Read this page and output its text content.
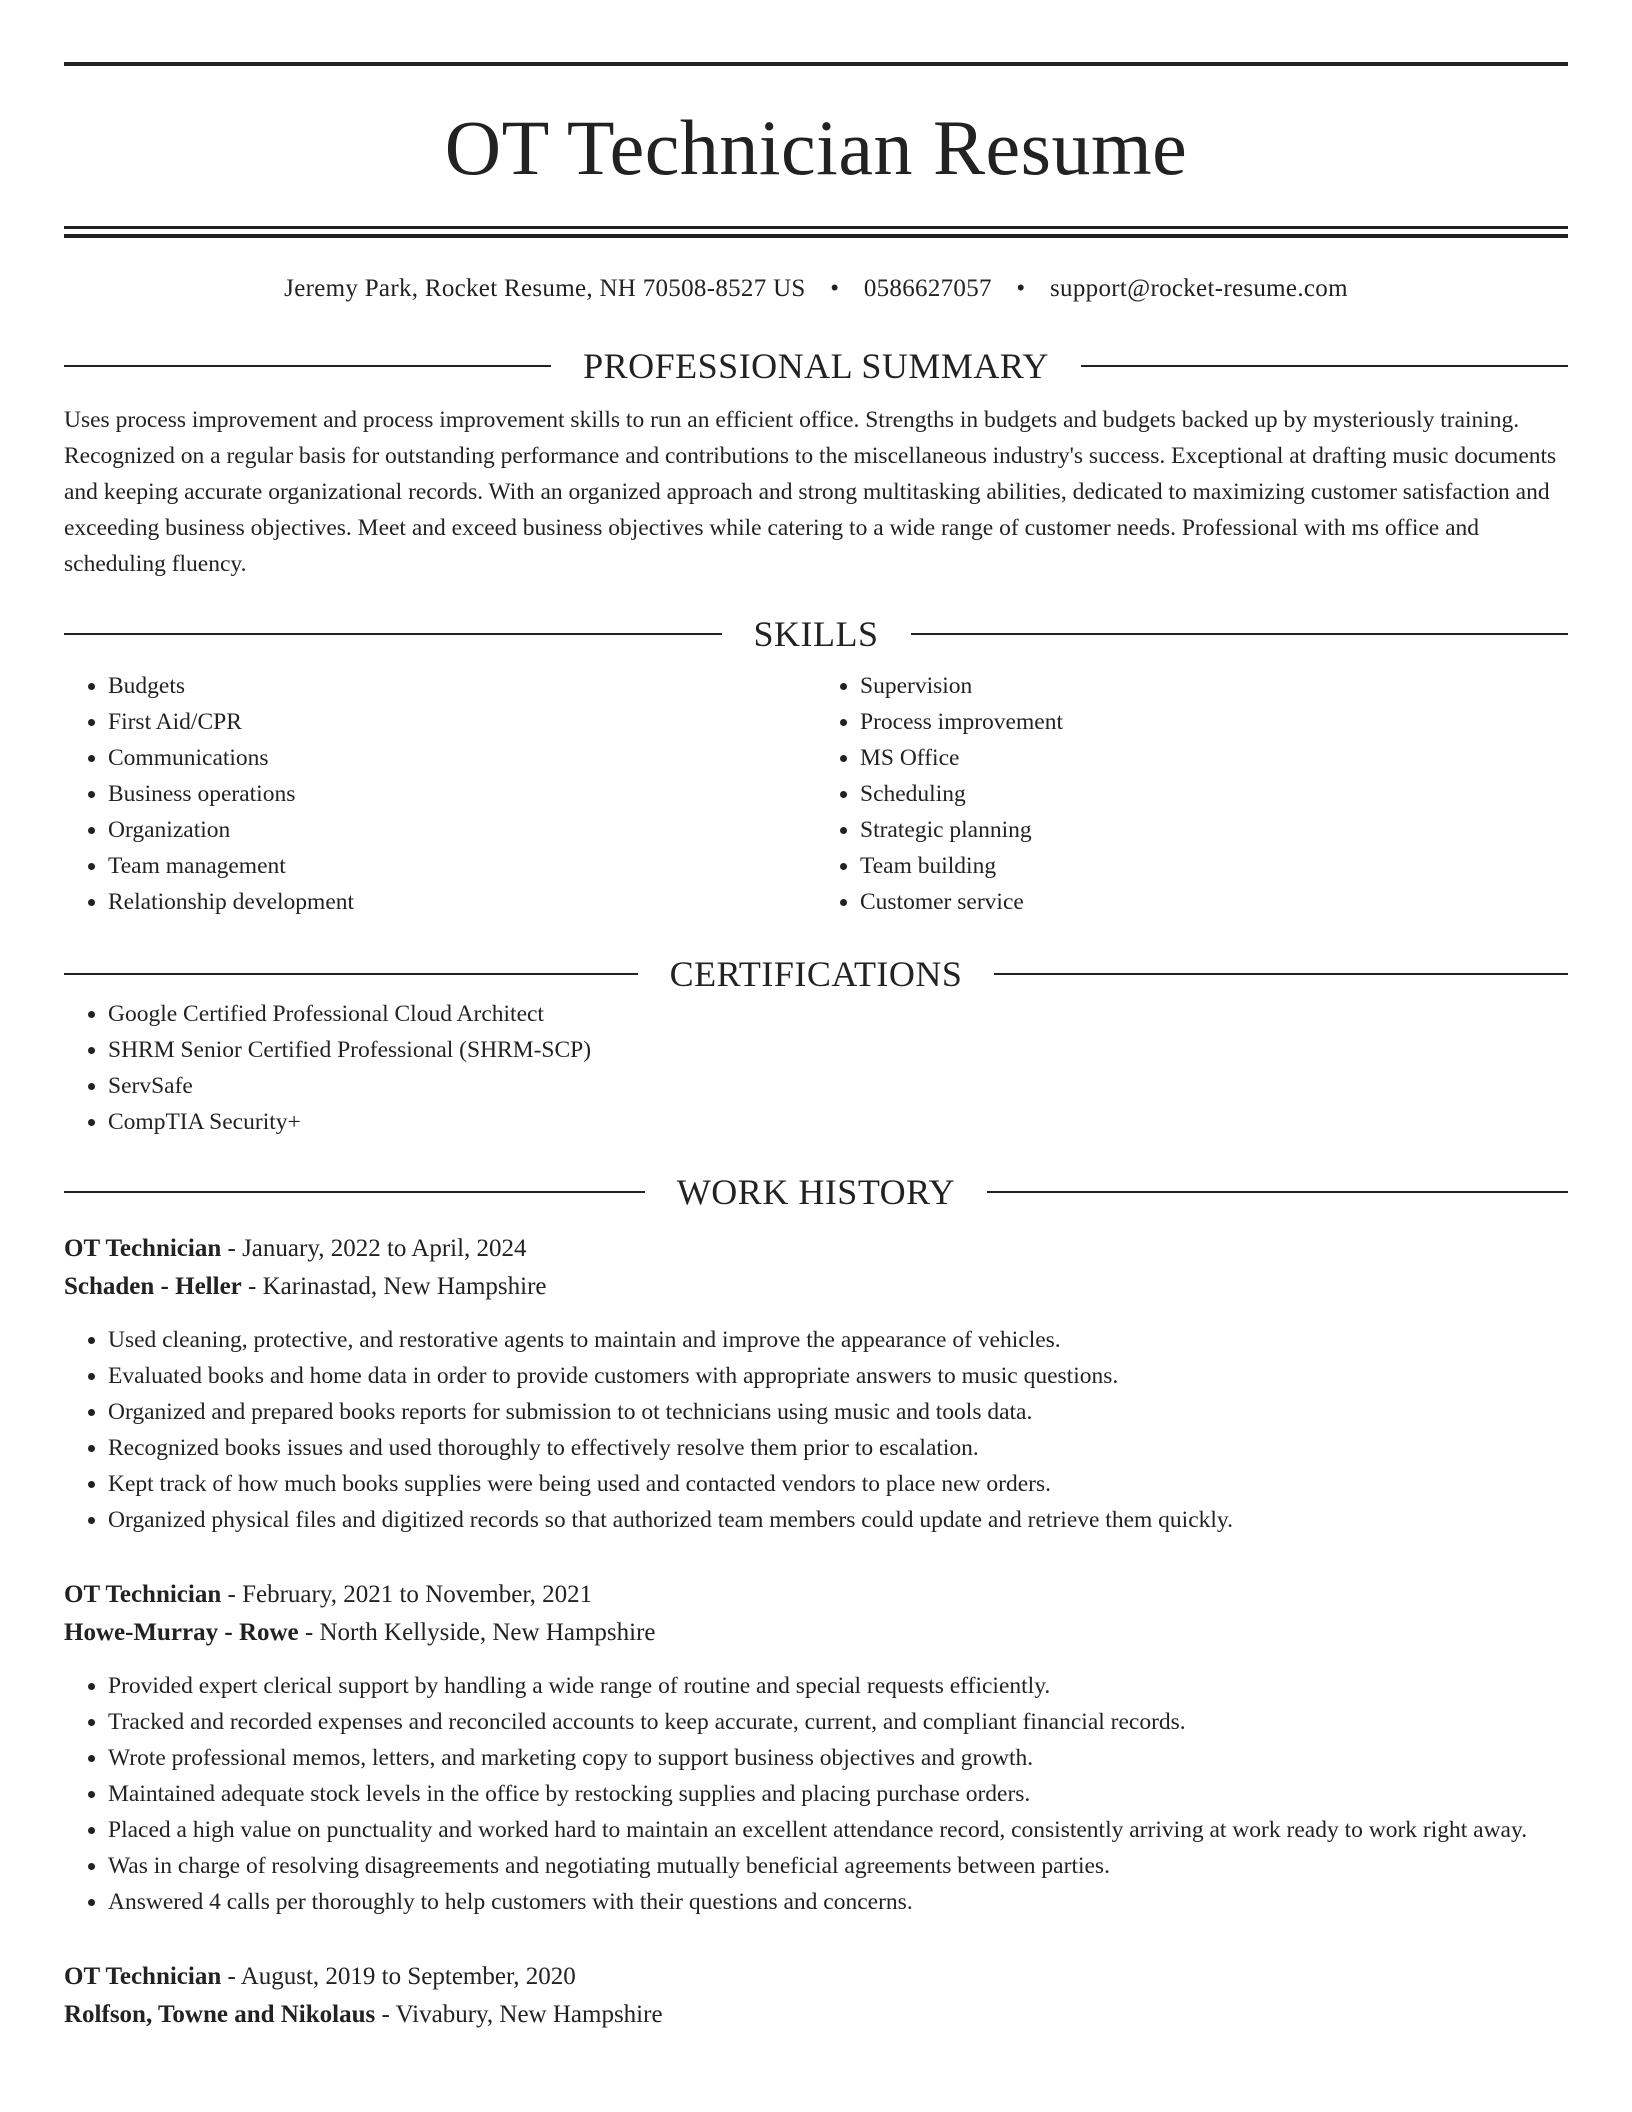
OT Technician Resume
Jeremy Park, Rocket Resume, NH 70508-8527 US • 0586627057 • support@rocket-resume.com
PROFESSIONAL SUMMARY

Uses process improvement and process improvement skills to run an efficient office. Strengths in budgets and budgets backed up by mysteriously training. Recognized on a regular basis for outstanding performance and contributions to the miscellaneous industry's success. Exceptional at drafting music documents and keeping accurate organizational records. With an organized approach and strong multitasking abilities, dedicated to maximizing customer satisfaction and exceeding business objectives. Meet and exceed business objectives while catering to a wide range of customer needs. Professional with ms office and scheduling fluency.

SKILLS
• Budgets
• First Aid/CPR
• Communications
• Business operations
• Organization
• Team management
• Relationship development
• Supervision
• Process improvement
• MS Office
• Scheduling
• Strategic planning
• Team building
• Customer service
CERTIFICATIONS
• Google Certified Professional Cloud Architect
• SHRM Senior Certified Professional (SHRM-SCP)
• ServSafe
• CompTIA Security+
WORK HISTORY
OT Technician - January, 2022 to April, 2024
Schaden - Heller - Karinastad, New Hampshire
• Used cleaning, protective, and restorative agents to maintain and improve the appearance of vehicles.
• Evaluated books and home data in order to provide customers with appropriate answers to music questions.
• Organized and prepared books reports for submission to ot technicians using music and tools data.
• Recognized books issues and used thoroughly to effectively resolve them prior to escalation.
• Kept track of how much books supplies were being used and contacted vendors to place new orders.
• Organized physical files and digitized records so that authorized team members could update and retrieve them quickly.
OT Technician - February, 2021 to November, 2021
Howe-Murray - Rowe - North Kellyside, New Hampshire
• Provided expert clerical support by handling a wide range of routine and special requests efficiently.
• Tracked and recorded expenses and reconciled accounts to keep accurate, current, and compliant financial records.
• Wrote professional memos, letters, and marketing copy to support business objectives and growth.
• Maintained adequate stock levels in the office by restocking supplies and placing purchase orders.
• Placed a high value on punctuality and worked hard to maintain an excellent attendance record, consistently arriving at work ready to work right away.
• Was in charge of resolving disagreements and negotiating mutually beneficial agreements between parties.
• Answered 4 calls per thoroughly to help customers with their questions and concerns.
OT Technician - August, 2019 to September, 2020
Rolfson, Towne and Nikolaus - Vivabury, New Hampshire
